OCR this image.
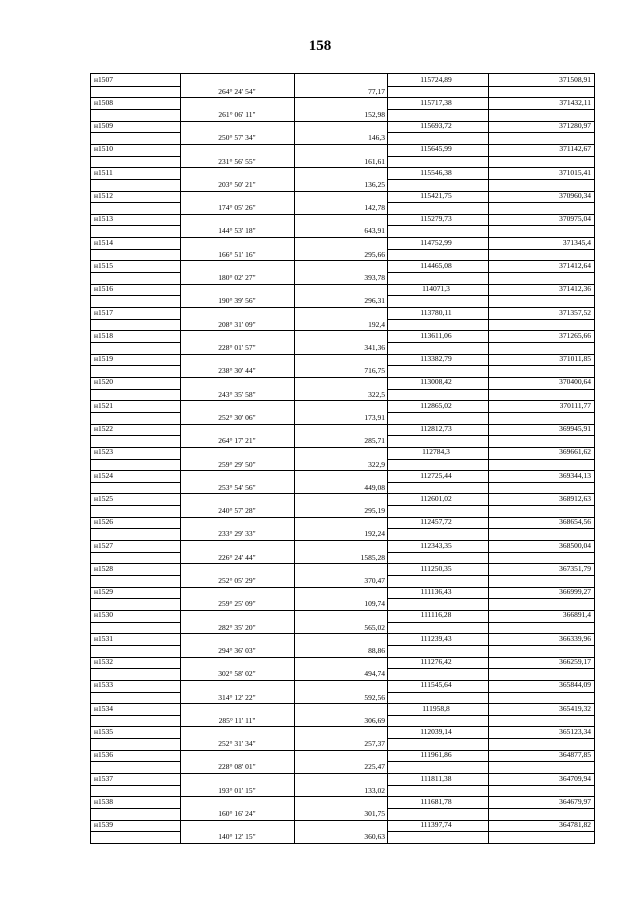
158
н1507	115724,89	371508,91
264° 24' 54"	77,17
н1508	115717,38	371432,11
261° 06' 11"	152,98
н1509	115693,72	371280,97
250° 57' 34"	146,3
н1510	115645,99	371142,67
231° 56' 55"	161,61
н1511	115546,38	371015,41
203° 50' 21"	136,25
н1512	115421,75	370960,34
174° 05' 26"	142,78
н1513	115279,73	370975,04
144° 53' 18"	643,91
н1514	114752,99	371345,4
166° 51' 16"	295,66
н1515	114465,08	371412,64
180° 02' 27"	393,78
н1516	114071,3	371412,36
190° 39' 56"	296,31
н1517	113780,11	371357,52
208° 31' 09"	192,4
н1518	113611,06	371265,66
228° 01' 57"	341,36
н1519	113382,79	371011,85
238° 30' 44"	716,75
н1520	113008,42	370400,64
243° 35' 58"	322,5
н1521	112865,02	370111,77
252° 30' 06"	173,91
н1522	112812,73	369945,91
264° 17' 21"	285,71
н1523	112784,3	369661,62
259° 29' 50"	322,9
н1524	112725,44	369344,13
253° 54' 56"	449,08
н1525	112601,02	368912,63
240° 57' 28"	295,19
н1526	112457,72	368654,56
233° 29' 33"	192,24
н1527	112343,35	368500,04
226° 24' 44"	1585,28
н1528	111250,35	367351,79
252° 05' 29"	370,47
н1529	111136,43	366999,27
259° 25' 09"	109,74
н1530	111116,28	366891,4
282° 35' 20"	565,02
н1531	111239,43	366339,96
294° 36' 03"	88,86
н1532	111276,42	366259,17
302° 58' 02"	494,74
н1533	111545,64	365844,09
314° 12' 22"	592,56
н1534	111958,8	365419,32
285° 11' 11"	306,69
н1535	112039,14	365123,34
252° 31' 34"	257,37
н1536	111961,86	364877,85
228° 08' 01"	225,47
н1537	111811,38	364709,94
193° 01' 15"	133,02
н1538	111681,78	364679,97
160° 16' 24"	301,75
н1539	111397,74	364781,82
140° 12' 15"	360,63
